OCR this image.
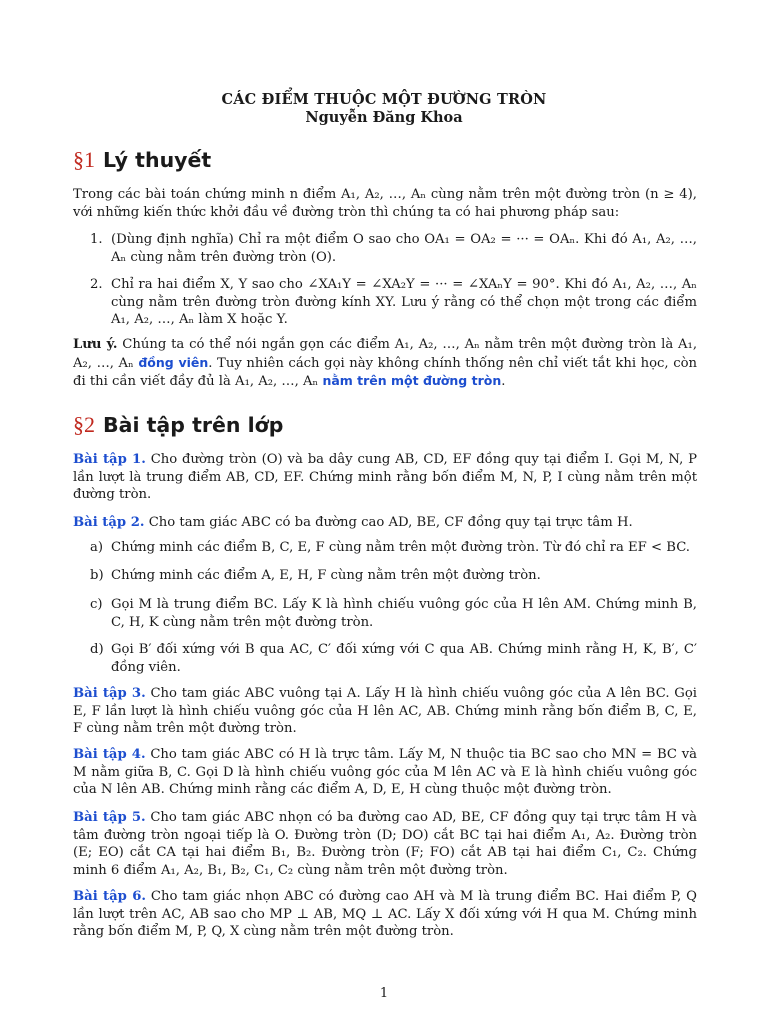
CÁC ĐIỂM THUỘC MỘT ĐƯỜNG TRÒN
Nguyễn Đăng Khoa
§1 Lý thuyết
Trong các bài toán chứng minh n điểm A₁, A₂, …, Aₙ cùng nằm trên một đường tròn (n ≥ 4), với những kiến thức khởi đầu về đường tròn thì chúng ta có hai phương pháp sau:
1. (Dùng định nghĩa) Chỉ ra một điểm O sao cho OA₁ = OA₂ = ··· = OAₙ. Khi đó A₁, A₂, …, Aₙ cùng nằm trên đường tròn (O).
2. Chỉ ra hai điểm X, Y sao cho ∠XA₁Y = ∠XA₂Y = ··· = ∠XAₙY = 90°. Khi đó A₁, A₂, …, Aₙ cùng nằm trên đường tròn đường kính XY. Lưu ý rằng có thể chọn một trong các điểm A₁, A₂, …, Aₙ làm X hoặc Y.
Lưu ý. Chúng ta có thể nói ngắn gọn các điểm A₁, A₂, …, Aₙ nằm trên một đường tròn là A₁, A₂, …, Aₙ đồng viên. Tuy nhiên cách gọi này không chính thống nên chỉ viết tắt khi học, còn đi thi cần viết đầy đủ là A₁, A₂, …, Aₙ nằm trên một đường tròn.
§2 Bài tập trên lớp
Bài tập 1. Cho đường tròn (O) và ba dây cung AB, CD, EF đồng quy tại điểm I. Gọi M, N, P lần lượt là trung điểm AB, CD, EF. Chứng minh rằng bốn điểm M, N, P, I cùng nằm trên một đường tròn.
Bài tập 2. Cho tam giác ABC có ba đường cao AD, BE, CF đồng quy tại trực tâm H.
a) Chứng minh các điểm B, C, E, F cùng nằm trên một đường tròn. Từ đó chỉ ra EF < BC.
b) Chứng minh các điểm A, E, H, F cùng nằm trên một đường tròn.
c) Gọi M là trung điểm BC. Lấy K là hình chiếu vuông góc của H lên AM. Chứng minh B, C, H, K cùng nằm trên một đường tròn.
d) Gọi B′ đối xứng với B qua AC, C′ đối xứng với C qua AB. Chứng minh rằng H, K, B′, C′ đồng viên.
Bài tập 3. Cho tam giác ABC vuông tại A. Lấy H là hình chiếu vuông góc của A lên BC. Gọi E, F lần lượt là hình chiếu vuông góc của H lên AC, AB. Chứng minh rằng bốn điểm B, C, E, F cùng nằm trên một đường tròn.
Bài tập 4. Cho tam giác ABC có H là trực tâm. Lấy M, N thuộc tia BC sao cho MN = BC và M nằm giữa B, C. Gọi D là hình chiếu vuông góc của M lên AC và E là hình chiếu vuông góc của N lên AB. Chứng minh rằng các điểm A, D, E, H cùng thuộc một đường tròn.
Bài tập 5. Cho tam giác ABC nhọn có ba đường cao AD, BE, CF đồng quy tại trực tâm H và tâm đường tròn ngoại tiếp là O. Đường tròn (D; DO) cắt BC tại hai điểm A₁, A₂. Đường tròn (E; EO) cắt CA tại hai điểm B₁, B₂. Đường tròn (F; FO) cắt AB tại hai điểm C₁, C₂. Chứng minh 6 điểm A₁, A₂, B₁, B₂, C₁, C₂ cùng nằm trên một đường tròn.
Bài tập 6. Cho tam giác nhọn ABC có đường cao AH và M là trung điểm BC. Hai điểm P, Q lần lượt trên AC, AB sao cho MP ⊥ AB, MQ ⊥ AC. Lấy X đối xứng với H qua M. Chứng minh rằng bốn điểm M, P, Q, X cùng nằm trên một đường tròn.
1
